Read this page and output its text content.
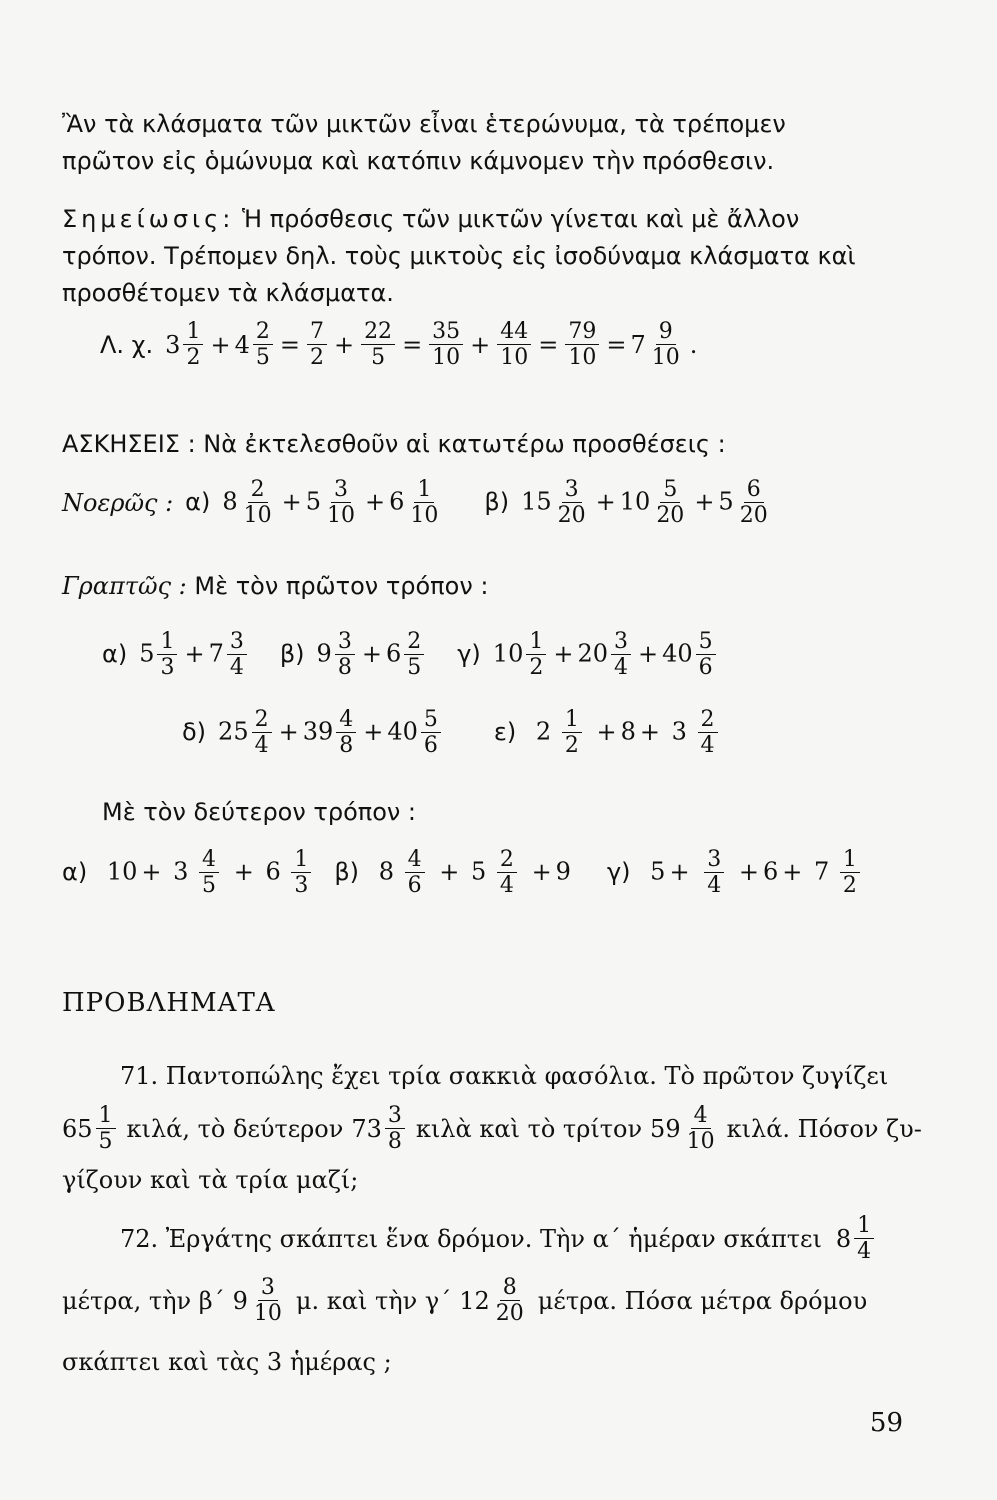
Ἂν τὰ κλάσματα τῶν μικτῶν εἶναι ἑτερώνυμα, τὰ τρέπομεν
πρῶτον εἰς ὁμώνυμα καὶ κατόπιν κάμνομεν τὴν πρόσθεσιν.
Σημείωσις: Ἡ πρόσθεσις τῶν μικτῶν γίνεται καὶ μὲ ἄλλον
τρόπον. Τρέπομεν δηλ. τοὺς μικτοὺς εἰς ἰσοδύναμα κλάσματα καὶ
προσθέτομεν τὰ κλάσματα.
Λ. χ. $3 \frac{1}{2} + 4 \frac{2}{5} = \frac{7}{2} + \frac{22}{5} = \frac{35}{10} + \frac{44}{10} = \frac{79}{10} = 7 \frac{9}{10}$ .
ΑΣΚΗΣΕΙΣ : Νὰ ἐκτελεσθοῦν αἱ κατωτέρω προσθέσεις :
Νοερῶς : α) $8 \frac{2}{10} + 5 \frac{3}{10} + 6 \frac{1}{10} \beta$) $15 \frac{3}{20} + 10 \frac{5}{20} + 5 \frac{6}{20}$
Γραπτῶς : Μὲ τὸν πρῶτον τρόπον :
α) $5 \frac{1}{3} + 7 \frac{3}{4} \beta$) $9 \frac{3}{8} + 6 \frac{2}{5} \gamma$) $10 \frac{1}{2} + 20 \frac{3}{4} + 40 \frac{5}{6}$
δ) $25 \frac{2}{4} + 39 \frac{4}{8} + 40 \frac{5}{6} \varepsilon$) $2 \frac{1}{2} + 8 + 3 \frac{2}{4}$
Μὲ τὸν δεύτερον τρόπον :
α) $10 + 3 \frac{4}{5} + 6 \frac{1}{3} \beta$) $8 \frac{4}{6} + 5 \frac{2}{4} + 9$ γ) $5 + \frac{3}{4} + 6 + 7 \frac{1}{2}$
ΠΡΟΒΛΗΜΑΤΑ
71. Παντοπώλης ἔχει τρία σακκιὰ φασόλια. Τὸ πρῶτον ζυγίζει
$65 \frac{1}{5} \kappa\iota\lambda ά$, τὸ δεύτερον $73 \frac{3}{8}$ κιλὰ καὶ τὸ τρίτον $59 \frac{4}{10} \kappa\iota\lambda ά$. Πόσον ζυ-
γίζουν καὶ τὰ τρία μαζί;
72. Ἐργάτης σκάπτει ἕνα δρόμον. Τὴν α΄ ἡμέραν σκάπτει $8 \frac{1}{4}$
μέτρα, τὴν β΄ $9 \frac{3}{10} \mu$. καὶ τὴν γ΄ $12 \frac{8}{20} \mu έ\tau\rho\alpha$. Πόσα μέτρα δρόμου
σκάπτει καὶ τὰς 3 ἡμέρας ;
59
